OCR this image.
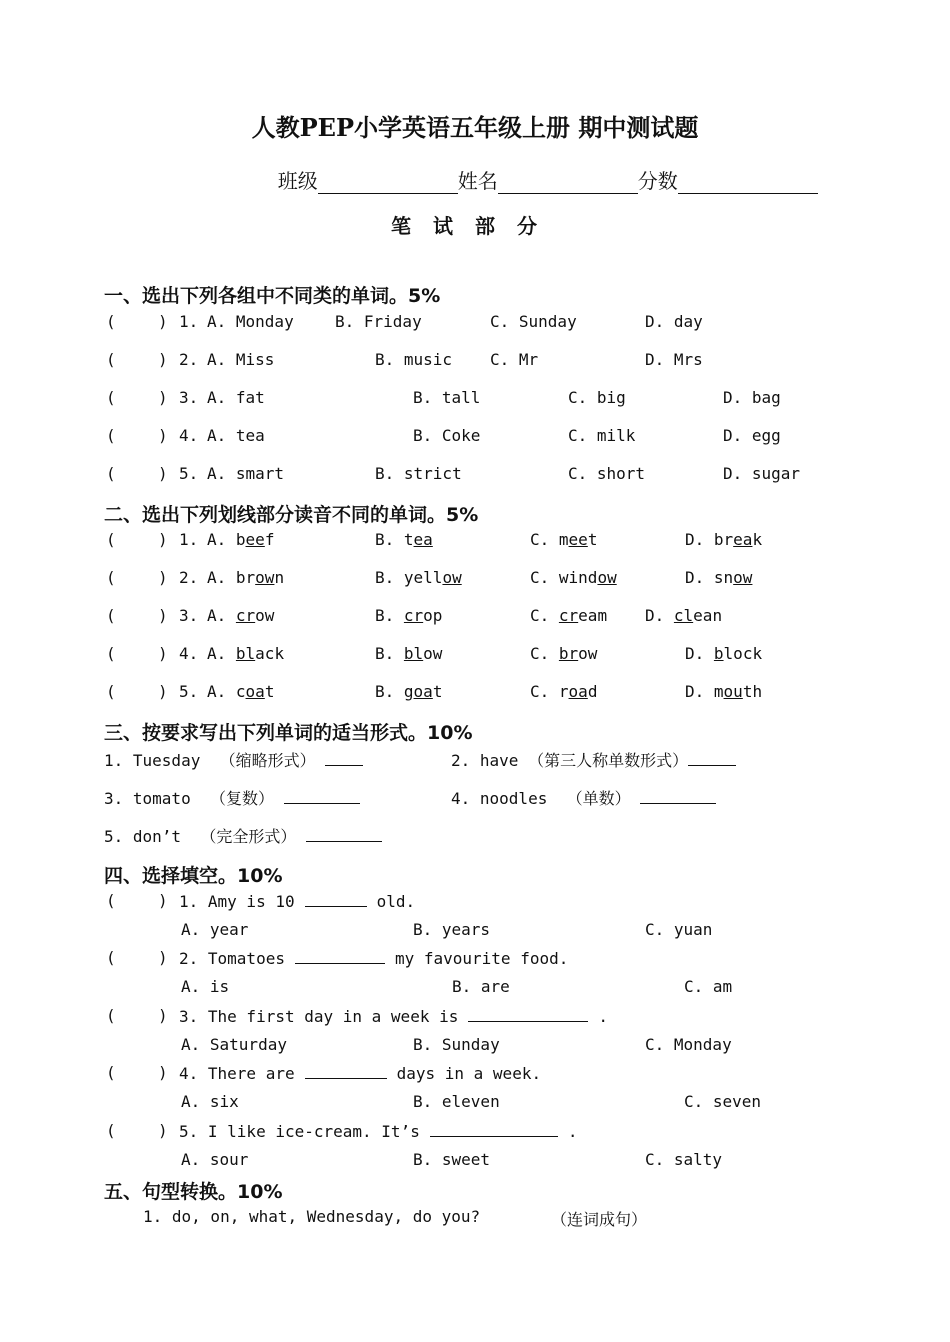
人教PEP小学英语五年级上册 期中测试题

班级	姓名	分数

笔试部分
一、选出下列各组中不同类的单词。5%
(	) 1. A. Monday	B. Friday	C. Sunday	D. day
(	) 2. A. Miss	B. music C. Mr	D. Mrs
(	) 3. A. fat	B. tall	C. big	D. bag
(	) 4. A. tea	B. Coke	C. milk	D. egg
(	) 5. A. smart	B. strict	C. short	D. sugar
二、选出下列划线部分读音不同的单词。5%
(	) 1. A. beef	B. tea	C. meet	D. break
(	) 2. A. brown	B. yellow	C. window	D. snow
(	) 3. A. crow	B. crop	C. cream D. clean
(	) 4. A. black	B. blow	C. brow	D. block
(	) 5. A. coat	B. goat	C. road	D. mouth
三、按要求写出下列单词的适当形式。10%
1. Tuesday  （缩略形式）	2. have （第三人称单数形式）
3. tomato  （复数）	4. noodles  （单数）
5. don’t  （完全形式）
四、选择填空。10%
(	) 1. Amy is 10	old.
A. year	B. years	C. yuan
(	) 2. Tomatoes	my favourite food.
A. is	B. are	C. am
(	) 3. The first day in a week is	.
A. Saturday	B. Sunday	C. Monday
(	) 4. There are	days in a week.
A. six	B. eleven	C. seven
(	) 5. I like ice-cream. It’s	.
A. sour	B. sweet	C. salty
五、句型转换。10%
1. do, on, what, Wednesday, do you?	（连词成句）
